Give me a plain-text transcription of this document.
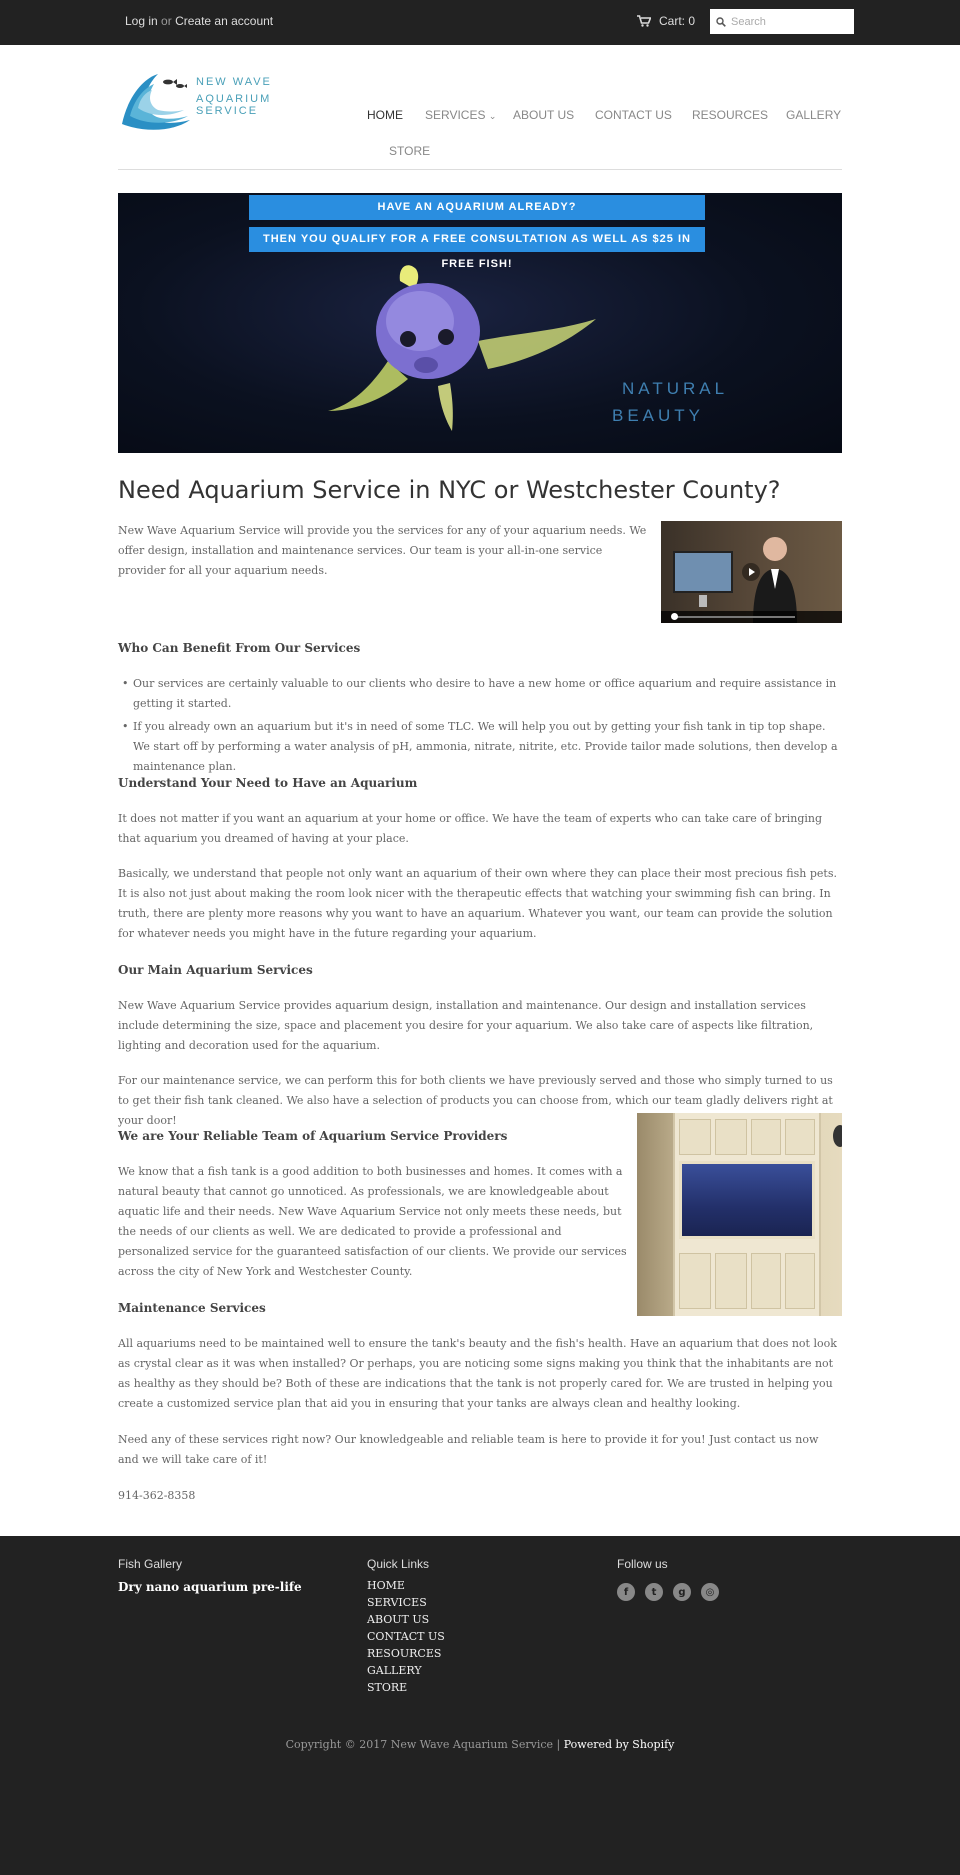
Log in or Create an account	Cart: 0
Search
NEW WAVE
AQUARIUM SERVICE	HOME SERVICES ⌄ ABOUT US CONTACT US RESOURCES GALLERY
STORE
HAVE AN AQUARIUM ALREADY?
THEN YOU QUALIFY FOR A FREE CONSULTATION AS WELL AS $25 IN FREE FISH!
NATURAL
BEAUTY
Need Aquarium Service in NYC or Westchester County?

New Wave Aquarium Service will provide you the services for any of your aquarium needs. We offer design, installation and maintenance services. Our team is your all-in-one service provider for all your aquarium needs.

Who Can Benefit From Our Services
• Our services are certainly valuable to our clients who desire to have a new home or office aquarium and require assistance in getting it started.
• If you already own an aquarium but it's in need of some TLC. We will help you out by getting your fish tank in tip top shape. We start off by performing a water analysis of pH, ammonia, nitrate, nitrite, etc. Provide tailor made solutions, then develop a maintenance plan.
Understand Your Need to Have an Aquarium

It does not matter if you want an aquarium at your home or office. We have the team of experts who can take care of bringing that aquarium you dreamed of having at your place.

Basically, we understand that people not only want an aquarium of their own where they can place their most precious fish pets. It is also not just about making the room look nicer with the therapeutic effects that watching your swimming fish can bring. In truth, there are plenty more reasons why you want to have an aquarium. Whatever you want, our team can provide the solution for whatever needs you might have in the future regarding your aquarium.

Our Main Aquarium Services

New Wave Aquarium Service provides aquarium design, installation and maintenance. Our design and installation services include determining the size, space and placement you desire for your aquarium. We also take care of aspects like filtration, lighting and decoration used for the aquarium.

For our maintenance service, we can perform this for both clients we have previously served and those who simply turned to us to get their fish tank cleaned. We also have a selection of products you can choose from, which our team gladly delivers right at your door!

We are Your Reliable Team of Aquarium Service Providers

We know that a fish tank is a good addition to both businesses and homes. It comes with a natural beauty that cannot go unnoticed. As professionals, we are knowledgeable about aquatic life and their needs. New Wave Aquarium Service not only meets these needs, but the needs of our clients as well. We are dedicated to provide a professional and personalized service for the guaranteed satisfaction of our clients. We provide our services across the city of New York and Westchester County.

Maintenance Services

All aquariums need to be maintained well to ensure the tank's beauty and the fish's health. Have an aquarium that does not look as crystal clear as it was when installed? Or perhaps, you are noticing some signs making you think that the inhabitants are not as healthy as they should be? Both of these are indications that the tank is not properly cared for. We are trusted in helping you create a customized service plan that aid you in ensuring that your tanks are always clean and healthy looking.

Need any of these services right now? Our knowledgeable and reliable team is here to provide it for you! Just contact us now and we will take care of it!

914-362-8358

Fish Gallery
Dry nano aquarium pre-life
Quick Links
HOME
SERVICES
ABOUT US
CONTACT US
RESOURCES
GALLERY
STORE
Follow us
f	t	g	◎
Copyright © 2017 New Wave Aquarium Service | Powered by Shopify
